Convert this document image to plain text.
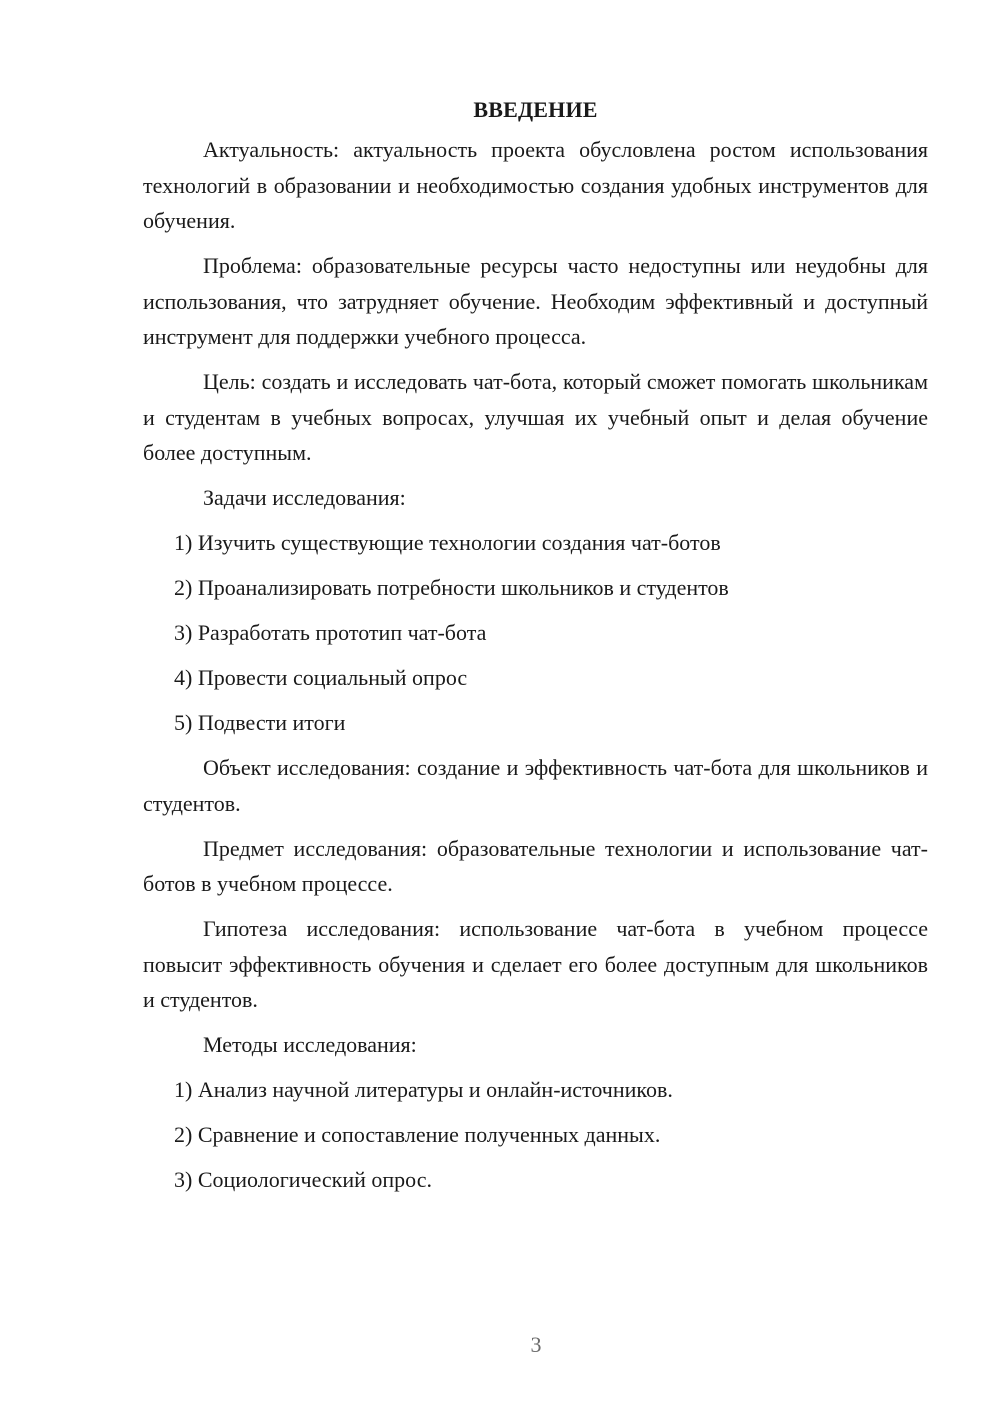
ВВЕДЕНИЕ

Актуальность: актуальность проекта обусловлена ростом использования технологий в образовании и необходимостью создания удобных инструментов для обучения.

Проблема: образовательные ресурсы часто недоступны или неудобны для использования, что затрудняет обучение. Необходим эффективный и доступный инструмент для поддержки учебного процесса.

Цель: создать и исследовать чат-бота, который сможет помогать школьникам и студентам в учебных вопросах, улучшая их учебный опыт и делая обучение более доступным.

Задачи исследования:
1) Изучить существующие технологии создания чат-ботов
2) Проанализировать потребности школьников и студентов
3) Разработать прототип чат-бота
4) Провести социальный опрос
5) Подвести итоги

Объект исследования: создание и эффективность чат-бота для школьников и студентов.

Предмет исследования: образовательные технологии и использование чат-ботов в учебном процессе.

Гипотеза исследования: использование чат-бота в учебном процессе повысит эффективность обучения и сделает его более доступным для школьников и студентов.

Методы исследования:
1) Анализ научной литературы и онлайн-источников.
2) Сравнение и сопоставление полученных данных.
3) Социологический опрос.
3
